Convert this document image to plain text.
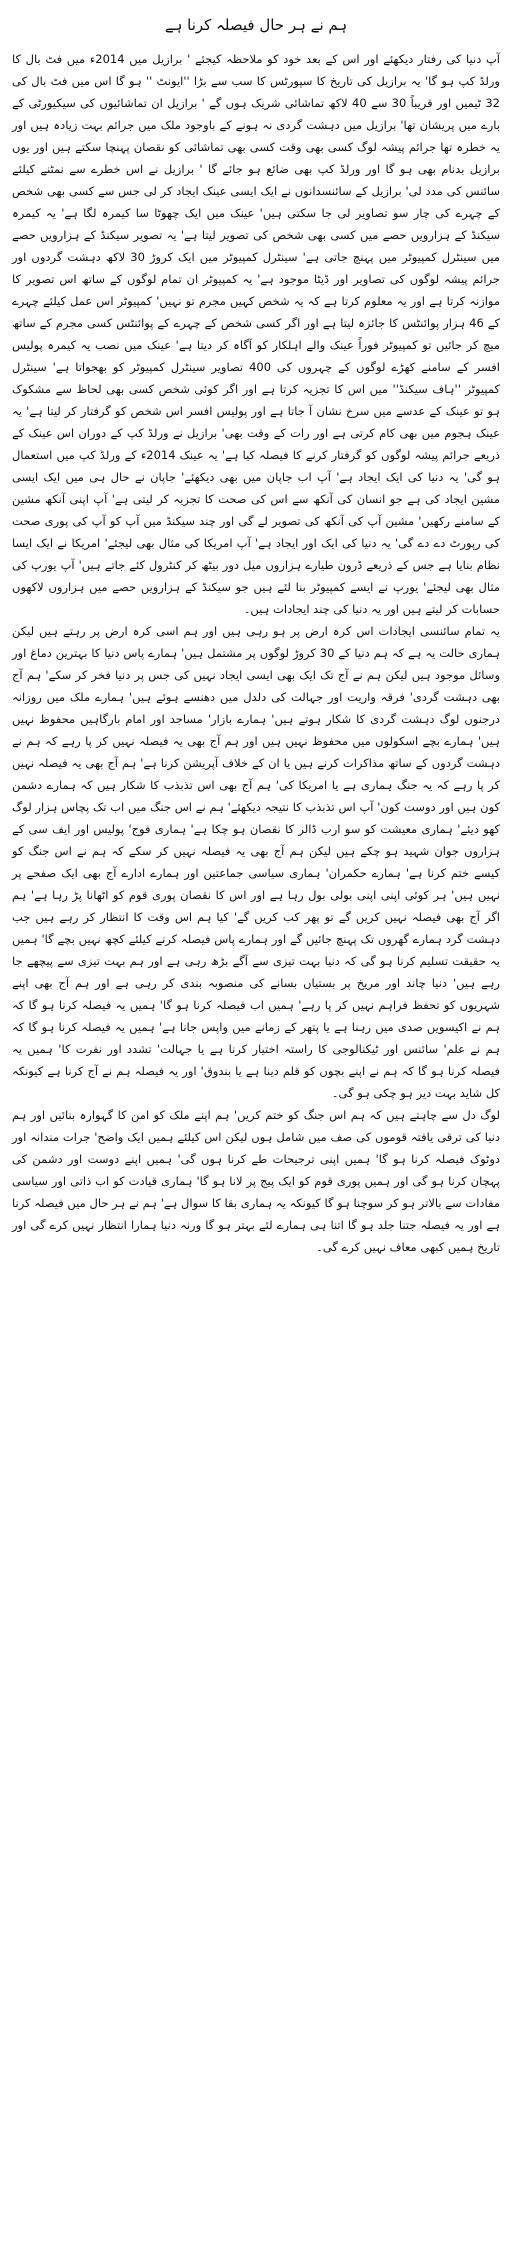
ہم نے ہر حال فیصلہ کرنا ہے

آپ دنیا کی رفتار دیکھئے اور اس کے بعد خود کو ملاحظہ کیجئے ' برازیل میں 2014ء میں فٹ بال کا ورلڈ کپ ہو گا' یہ برازیل کی تاریخ کا سپورٹس کا سب سے بڑا ''ایونٹ '' ہو گا اس میں فٹ بال کی 32 ٹیمیں اور قریباً 30 سے 40 لاکھ تماشائی شریک ہوں گے ' برازیل ان تماشائیوں کی سیکیورٹی کے بارے میں پریشان تھا' برازیل میں دہشت گردی نہ ہونے کے باوجود ملک میں جرائم بہت زیادہ ہیں اور یہ خطرہ تھا جرائم پیشہ لوگ کسی بھی وقت کسی بھی تماشائی کو نقصان پہنچا سکتے ہیں اور یوں برازیل بدنام بھی ہو گا اور ورلڈ کپ بھی ضائع ہو جائے گا ' برازیل نے اس خطرے سے نمٹنے کیلئے سائنس کی مدد لی' برازیل کے سائنسدانوں نے ایک ایسی عینک ایجاد کر لی جس سے کسی بھی شخص کے چہرے کی چار سو تصاویر لی جا سکتی ہیں' عینک میں ایک چھوٹا سا کیمرہ لگا ہے' یہ کیمرہ سیکنڈ کے ہزارویں حصے میں کسی بھی شخص کی تصویر لیتا ہے' یہ تصویر سیکنڈ کے ہزارویں حصے میں سینٹرل کمپیوٹر میں پہنچ جاتی ہے' سینٹرل کمپیوٹر میں ایک کروڑ 30 لاکھ دہشت گردوں اور جرائم پیشہ لوگوں کی تصاویر اور ڈیٹا موجود ہے' یہ کمپیوٹر ان تمام لوگوں کے ساتھ اس تصویر کا موازنہ کرتا ہے اور یہ معلوم کرتا ہے کہ یہ شخص کہیں مجرم تو نہیں' کمپیوٹر اس عمل کیلئے چہرے کے 46 ہزار پوائنٹس کا جائزہ لیتا ہے اور اگر کسی شخص کے چہرے کے پوائنٹس کسی مجرم کے ساتھ میچ کر جائیں تو کمپیوٹر فوراً عینک والے اہلکار کو آگاہ کر دیتا ہے' عینک میں نصب یہ کیمرہ پولیس افسر کے سامنے کھڑے لوگوں کے چہروں کی 400 تصاویر سینٹرل کمپیوٹر کو بھجواتا ہے' سینٹرل کمپیوٹر ''ہاف سیکنڈ'' میں اس کا تجزیہ کرتا ہے اور اگر کوئی شخص کسی بھی لحاظ سے مشکوک ہو تو عینک کے عدسے میں سرخ نشان آ جاتا ہے اور پولیس افسر اس شخص کو گرفتار کر لیتا ہے' یہ عینک ہجوم میں بھی کام کرتی ہے اور رات کے وقت بھی' برازیل نے ورلڈ کپ کے دوران اس عینک کے ذریعے جرائم پیشہ لوگوں کو گرفتار کرنے کا فیصلہ کیا ہے' یہ عینک 2014ء کے ورلڈ کپ میں استعمال ہو گی' یہ دنیا کی ایک ایجاد ہے' آپ اب جاپان میں بھی دیکھئے' جاپان نے حال ہی میں ایک ایسی مشین ایجاد کی ہے جو انسان کی آنکھ سے اس کی صحت کا تجزیہ کر لیتی ہے' آپ اپنی آنکھ مشین کے سامنے رکھیں' مشین آپ کی آنکھ کی تصویر لے گی اور چند سیکنڈ میں آپ کو آپ کی پوری صحت کی رپورٹ دے دے گی' یہ دنیا کی ایک اور ایجاد ہے' آپ امریکا کی مثال بھی لیجئے' امریکا نے ایک ایسا نظام بنایا ہے جس کے ذریعے ڈرون طیارے ہزاروں میل دور بیٹھ کر کنٹرول کئے جاتے ہیں' آپ یورپ کی مثال بھی لیجئے' یورپ نے ایسے کمپیوٹر بنا لئے ہیں جو سیکنڈ کے ہزارویں حصے میں ہزاروں لاکھوں حسابات کر لیتے ہیں اور یہ دنیا کی چند ایجادات ہیں۔

یہ تمام سائنسی ایجادات اس کرہ ارض پر ہو رہی ہیں اور ہم اسی کرہ ارض پر رہتے ہیں لیکن ہماری حالت یہ ہے کہ ہم دنیا کے 30 کروڑ لوگوں پر مشتمل ہیں' ہمارے پاس دنیا کا بہترین دماغ اور وسائل موجود ہیں لیکن ہم نے آج تک ایک بھی ایسی ایجاد نہیں کی جس پر دنیا فخر کر سکے' ہم آج بھی دہشت گردی' فرقہ واریت اور جہالت کی دلدل میں دھنسے ہوئے ہیں' ہمارے ملک میں روزانہ درجنوں لوگ دہشت گردی کا شکار ہوتے ہیں' ہمارے بازار' مساجد اور امام بارگاہیں محفوظ نہیں ہیں' ہمارے بچے اسکولوں میں محفوظ نہیں ہیں اور ہم آج بھی یہ فیصلہ نہیں کر پا رہے کہ ہم نے دہشت گردوں کے ساتھ مذاکرات کرنے ہیں یا ان کے خلاف آپریشن کرنا ہے' ہم آج بھی یہ فیصلہ نہیں کر پا رہے کہ یہ جنگ ہماری ہے یا امریکا کی' ہم آج بھی اس تذبذب کا شکار ہیں کہ ہمارے دشمن کون ہیں اور دوست کون' آپ اس تذبذب کا نتیجہ دیکھئے' ہم نے اس جنگ میں اب تک پچاس ہزار لوگ کھو دیئے' ہماری معیشت کو سو ارب ڈالر کا نقصان ہو چکا ہے' ہماری فوج' پولیس اور ایف سی کے ہزاروں جوان شہید ہو چکے ہیں لیکن ہم آج بھی یہ فیصلہ نہیں کر سکے کہ ہم نے اس جنگ کو کیسے ختم کرنا ہے' ہمارے حکمران' ہماری سیاسی جماعتیں اور ہمارے ادارے آج بھی ایک صفحے پر نہیں ہیں' ہر کوئی اپنی اپنی بولی بول رہا ہے اور اس کا نقصان پوری قوم کو اٹھانا پڑ رہا ہے' ہم اگر آج بھی فیصلہ نہیں کریں گے تو پھر کب کریں گے' کیا ہم اس وقت کا انتظار کر رہے ہیں جب دہشت گرد ہمارے گھروں تک پہنچ جائیں گے اور ہمارے پاس فیصلہ کرنے کیلئے کچھ نہیں بچے گا' ہمیں یہ حقیقت تسلیم کرنا ہو گی کہ دنیا بہت تیزی سے آگے بڑھ رہی ہے اور ہم بہت تیزی سے پیچھے جا رہے ہیں' دنیا چاند اور مریخ پر بستیاں بسانے کی منصوبہ بندی کر رہی ہے اور ہم آج بھی اپنے شہریوں کو تحفظ فراہم نہیں کر پا رہے' ہمیں اب فیصلہ کرنا ہو گا' ہمیں یہ فیصلہ کرنا ہو گا کہ ہم نے اکیسویں صدی میں رہنا ہے یا پتھر کے زمانے میں واپس جانا ہے' ہمیں یہ فیصلہ کرنا ہو گا کہ ہم نے علم' سائنس اور ٹیکنالوجی کا راستہ اختیار کرنا ہے یا جہالت' تشدد اور نفرت کا' ہمیں یہ فیصلہ کرنا ہو گا کہ ہم نے اپنے بچوں کو قلم دینا ہے یا بندوق' اور یہ فیصلہ ہم نے آج کرنا ہے کیونکہ کل شاید بہت دیر ہو چکی ہو گی۔

لوگ دل سے چاہتے ہیں کہ ہم اس جنگ کو ختم کریں' ہم اپنے ملک کو امن کا گہوارہ بنائیں اور ہم دنیا کی ترقی یافتہ قوموں کی صف میں شامل ہوں لیکن اس کیلئے ہمیں ایک واضح' جرات مندانہ اور دوٹوک فیصلہ کرنا ہو گا' ہمیں اپنی ترجیحات طے کرنا ہوں گی' ہمیں اپنے دوست اور دشمن کی پہچان کرنا ہو گی اور ہمیں پوری قوم کو ایک پیج پر لانا ہو گا' ہماری قیادت کو اب ذاتی اور سیاسی مفادات سے بالاتر ہو کر سوچنا ہو گا کیونکہ یہ ہماری بقا کا سوال ہے' ہم نے ہر حال میں فیصلہ کرنا ہے اور یہ فیصلہ جتنا جلد ہو گا اتنا ہی ہمارے لئے بہتر ہو گا ورنہ دنیا ہمارا انتظار نہیں کرے گی اور تاریخ ہمیں کبھی معاف نہیں کرے گی۔
